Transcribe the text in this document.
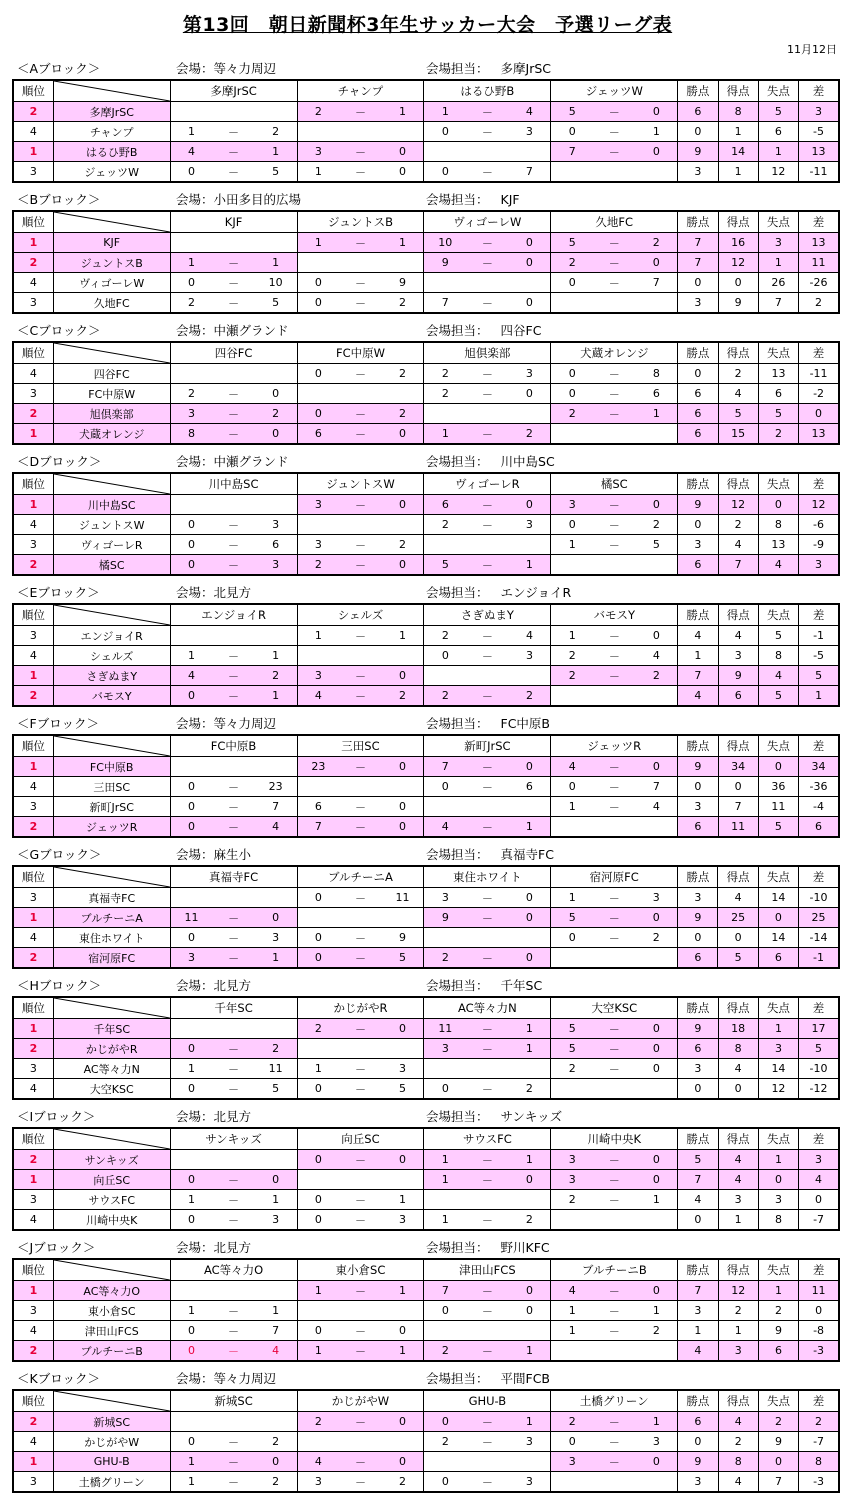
第13回　朝日新聞杯3年生サッカー大会　予選リーグ表
11月12日
＜Aブロック＞	会場：等々力周辺	会場担当： 多摩JrSC
順位		多摩JrSC			チャンプ			はるひ野B			ジェッツW			勝点	得点	失点	差
2	多摩JrSC				2	－	1	1	－	4	5	－	0	6	8	5	3
4	チャンプ	1	－	2				0	－	3	0	－	1	0	1	6	-5
1	はるひ野B	4	－	1	3	－	0				7	－	0	9	14	1	13
3	ジェッツW	0	－	5	1	－	0	0	－	7				3	1	12	-11
＜Bブロック＞	会場：小田多目的広場	会場担当： KJF
順位		KJF			ジュントスB			ヴィゴーレW			久地FC			勝点	得点	失点	差
1	KJF				1	－	1	10	－	0	5	－	2	7	16	3	13
2	ジュントスB	1	－	1				9	－	0	2	－	0	7	12	1	11
4	ヴィゴーレW	0	－	10	0	－	9				0	－	7	0	0	26	-26
3	久地FC	2	－	5	0	－	2	7	－	0				3	9	7	2
＜Cブロック＞	会場：中瀬グランド	会場担当： 四谷FC
順位		四谷FC			FC中原W			旭倶楽部			犬蔵オレンジ			勝点	得点	失点	差
4	四谷FC				0	－	2	2	－	3	0	－	8	0	2	13	-11
3	FC中原W	2	－	0				2	－	0	0	－	6	6	4	6	-2
2	旭倶楽部	3	－	2	0	－	2				2	－	1	6	5	5	0
1	犬蔵オレンジ	8	－	0	6	－	0	1	－	2				6	15	2	13
＜Dブロック＞	会場：中瀬グランド	会場担当： 川中島SC
順位		川中島SC			ジュントスW			ヴィゴーレR			橘SC			勝点	得点	失点	差
1	川中島SC				3	－	0	6	－	0	3	－	0	9	12	0	12
4	ジュントスW	0	－	3				2	－	3	0	－	2	0	2	8	-6
3	ヴィゴーレR	0	－	6	3	－	2				1	－	5	3	4	13	-9
2	橘SC	0	－	3	2	－	0	5	－	1				6	7	4	3
＜Eブロック＞	会場：北見方	会場担当： エンジョイR
順位		エンジョイR			シェルズ			さぎぬまY			バモスY			勝点	得点	失点	差
3	エンジョイR				1	－	1	2	－	4	1	－	0	4	4	5	-1
4	シェルズ	1	－	1				0	－	3	2	－	4	1	3	8	-5
1	さぎぬまY	4	－	2	3	－	0				2	－	2	7	9	4	5
2	バモスY	0	－	1	4	－	2	2	－	2				4	6	5	1
＜Fブロック＞	会場：等々力周辺	会場担当： FC中原B
順位		FC中原B			三田SC			新町JrSC			ジェッツR			勝点	得点	失点	差
1	FC中原B				23	－	0	7	－	0	4	－	0	9	34	0	34
4	三田SC	0	－	23				0	－	6	0	－	7	0	0	36	-36
3	新町JrSC	0	－	7	6	－	0				1	－	4	3	7	11	-4
2	ジェッツR	0	－	4	7	－	0	4	－	1				6	11	5	6
＜Gブロック＞	会場：麻生小	会場担当： 真福寺FC
順位		真福寺FC			ブルチーニA			東住ホワイト			宿河原FC			勝点	得点	失点	差
3	真福寺FC				0	－	11	3	－	0	1	－	3	3	4	14	-10
1	ブルチーニA	11	－	0				9	－	0	5	－	0	9	25	0	25
4	東住ホワイト	0	－	3	0	－	9				0	－	2	0	0	14	-14
2	宿河原FC	3	－	1	0	－	5	2	－	0				6	5	6	-1
＜Hブロック＞	会場：北見方	会場担当： 千年SC
順位		千年SC			かじがやR			AC等々力N			大空KSC			勝点	得点	失点	差
1	千年SC				2	－	0	11	－	1	5	－	0	9	18	1	17
2	かじがやR	0	－	2				3	－	1	5	－	0	6	8	3	5
3	AC等々力N	1	－	11	1	－	3				2	－	0	3	4	14	-10
4	大空KSC	0	－	5	0	－	5	0	－	2				0	0	12	-12
＜Iブロック＞	会場：北見方	会場担当： サンキッズ
順位		サンキッズ			向丘SC			サウスFC			川崎中央K			勝点	得点	失点	差
2	サンキッズ				0	－	0	1	－	1	3	－	0	5	4	1	3
1	向丘SC	0	－	0				1	－	0	3	－	0	7	4	0	4
3	サウスFC	1	－	1	0	－	1				2	－	1	4	3	3	0
4	川崎中央K	0	－	3	0	－	3	1	－	2				0	1	8	-7
＜Jブロック＞	会場：北見方	会場担当： 野川KFC
順位		AC等々力O			東小倉SC			津田山FCS			ブルチーニB			勝点	得点	失点	差
1	AC等々力O				1	－	1	7	－	0	4	－	0	7	12	1	11
3	東小倉SC	1	－	1				0	－	0	1	－	1	3	2	2	0
4	津田山FCS	0	－	7	0	－	0				1	－	2	1	1	9	-8
2	ブルチーニB	0	－	4	1	－	1	2	－	1				4	3	6	-3
＜Kブロック＞	会場：等々力周辺	会場担当： 平間FCB
順位		新城SC			かじがやW			GHU-B			土橋グリーン			勝点	得点	失点	差
2	新城SC				2	－	0	0	－	1	2	－	1	6	4	2	2
4	かじがやW	0	－	2				2	－	3	0	－	3	0	2	9	-7
1	GHU-B	1	－	0	4	－	0				3	－	0	9	8	0	8
3	土橋グリーン	1	－	2	3	－	2	0	－	3				3	4	7	-3
